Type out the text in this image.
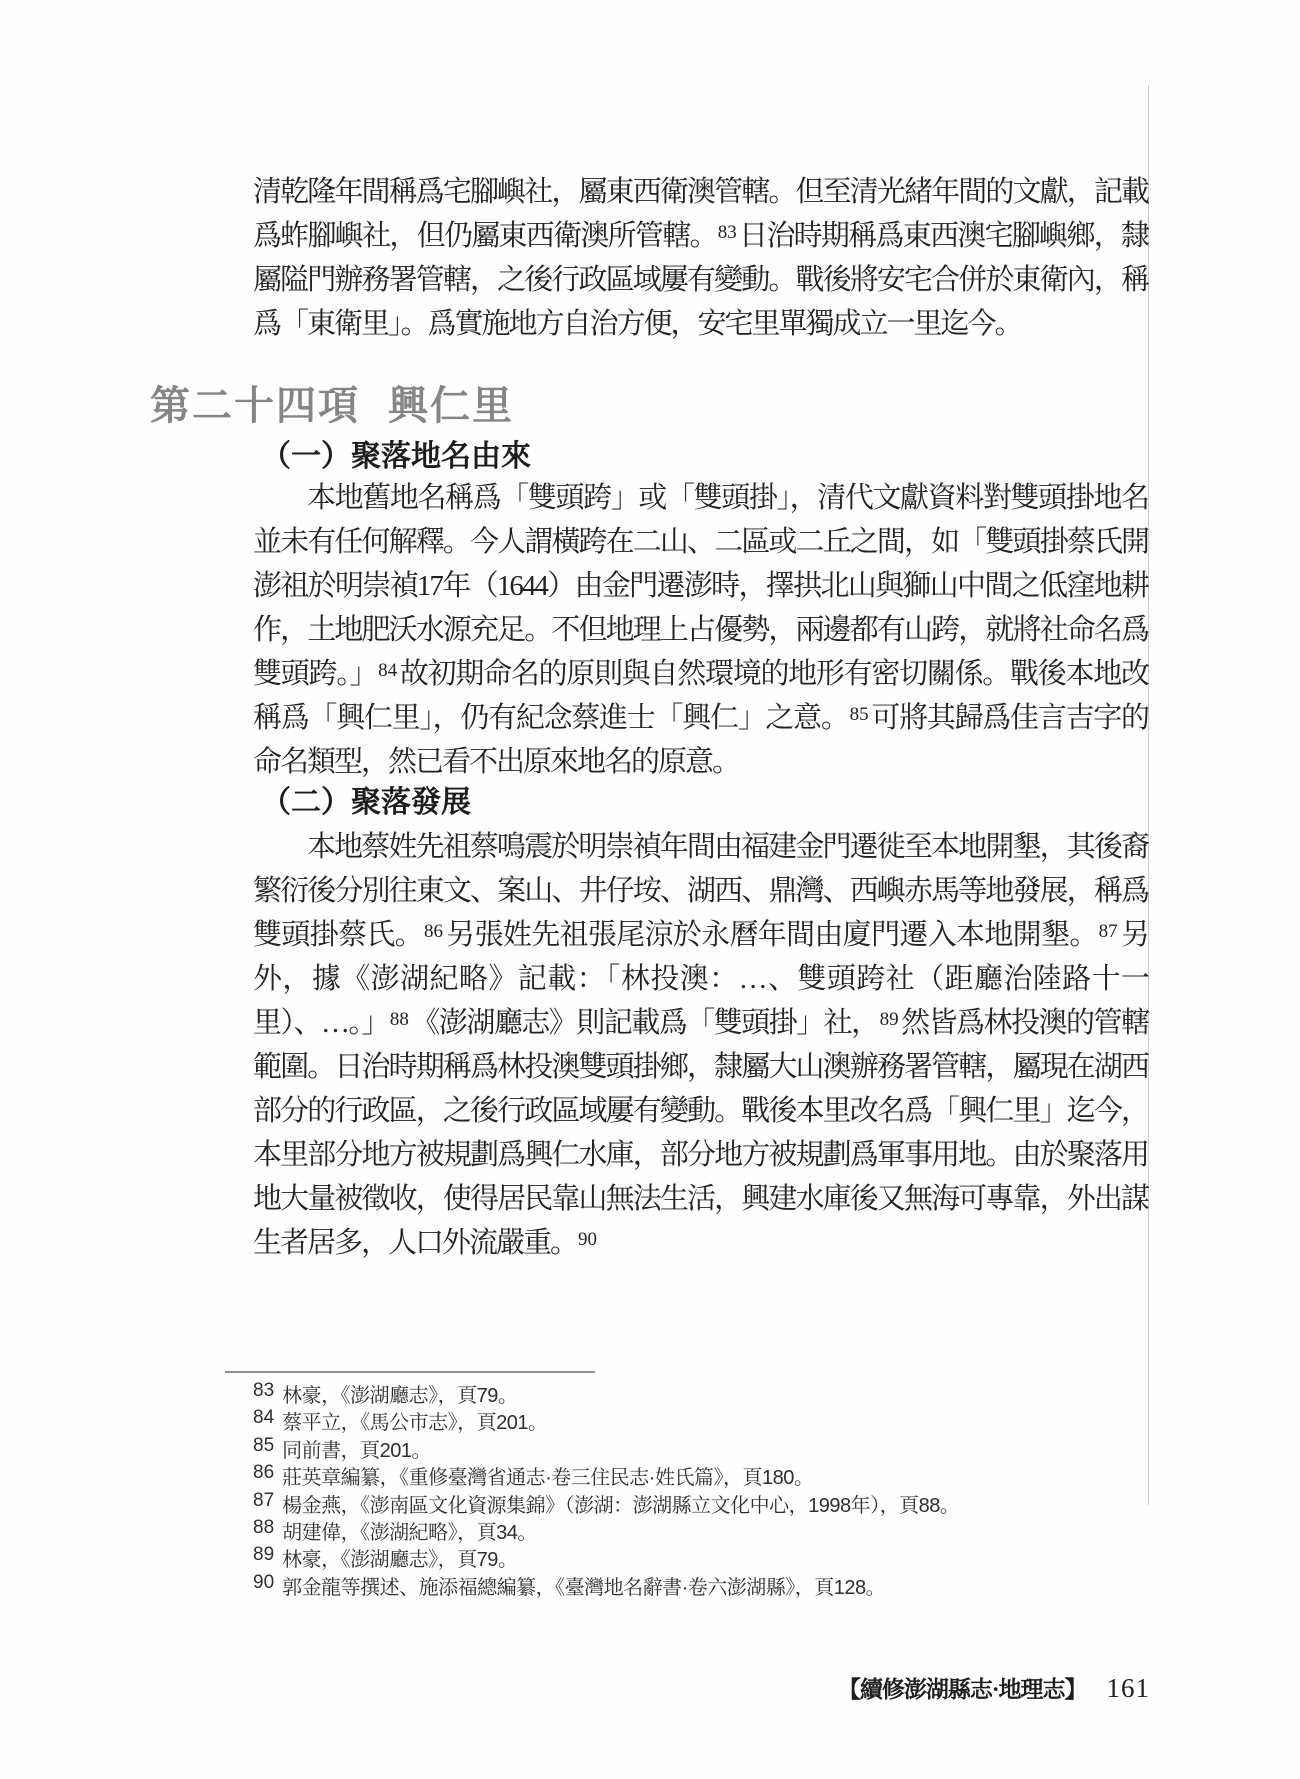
清乾隆年間稱爲宅腳嶼社，屬東西衛澳管轄。但至清光緒年間的文獻，記載爲蚱腳嶼社，但仍屬東西衛澳所管轄。$^{83}$日治時期稱爲東西澳宅腳嶼鄉，隸屬隘門辦務署管轄，之後行政區域屢有變動。戰後將安宅合併於東衛內，稱爲「東衛里」。爲實施地方自治方便，安宅里單獨成立一里迄今。

第二十四項 興仁里
（一）聚落地名由來

本地舊地名稱爲「雙頭跨」或「雙頭掛」，清代文獻資料對雙頭掛地名並未有任何解釋。今人謂橫跨在二山、二區或二丘之間，如「雙頭掛蔡氏開澎祖於明崇禎17年（1644）由金門遷澎時，擇拱北山與獅山中間之低窪地耕作，土地肥沃水源充足。不但地理上占優勢，兩邊都有山跨，就將社命名爲雙頭跨。」$^{84}$故初期命名的原則與自然環境的地形有密切關係。戰後本地改稱爲「興仁里」，仍有紀念蔡進士「興仁」之意。$^{85}$可將其歸爲佳言吉字的命名類型，然已看不出原來地名的原意。

（二）聚落發展

本地蔡姓先祖蔡鳴震於明崇禎年間由福建金門遷徙至本地開墾，其後裔繁衍後分別往東文、案山、井仔垵、湖西、鼎灣、西嶼赤馬等地發展，稱爲雙頭掛蔡氏。$^{86}$另張姓先祖張尾涼於永曆年間由廈門遷入本地開墾。$^{87}$另外，據《澎湖紀略》記載：「林投澳：…、雙頭跨社（距廳治陸路十一里）、…。」$^{88}$《澎湖廳志》則記載爲「雙頭掛」社，$^{89}$然皆爲林投澳的管轄範圍。日治時期稱爲林投澳雙頭掛鄉，隸屬大山澳辦務署管轄，屬現在湖西部分的行政區，之後行政區域屢有變動。戰後本里改名爲「興仁里」迄今，本里部分地方被規劃爲興仁水庫，部分地方被規劃爲軍事用地。由於聚落用地大量被徵收，使得居民靠山無法生活，興建水庫後又無海可專靠，外出謀生者居多，人口外流嚴重。$^{90}$

83 林豪，《澎湖廳志》，頁79。
84 蔡平立，《馬公市志》，頁201。
85 同前書，頁201。
86 莊英章編纂，《重修臺灣省通志·卷三住民志·姓氏篇》，頁180。
87 楊金燕，《澎南區文化資源集錦》（澎湖：澎湖縣立文化中心，1998年），頁88。
88 胡建偉，《澎湖紀略》，頁34。
89 林豪，《澎湖廳志》，頁79。
90 郭金龍等撰述、施添福總編纂，《臺灣地名辭書·卷六澎湖縣》，頁128。
【續修澎湖縣志·地理志】 161
